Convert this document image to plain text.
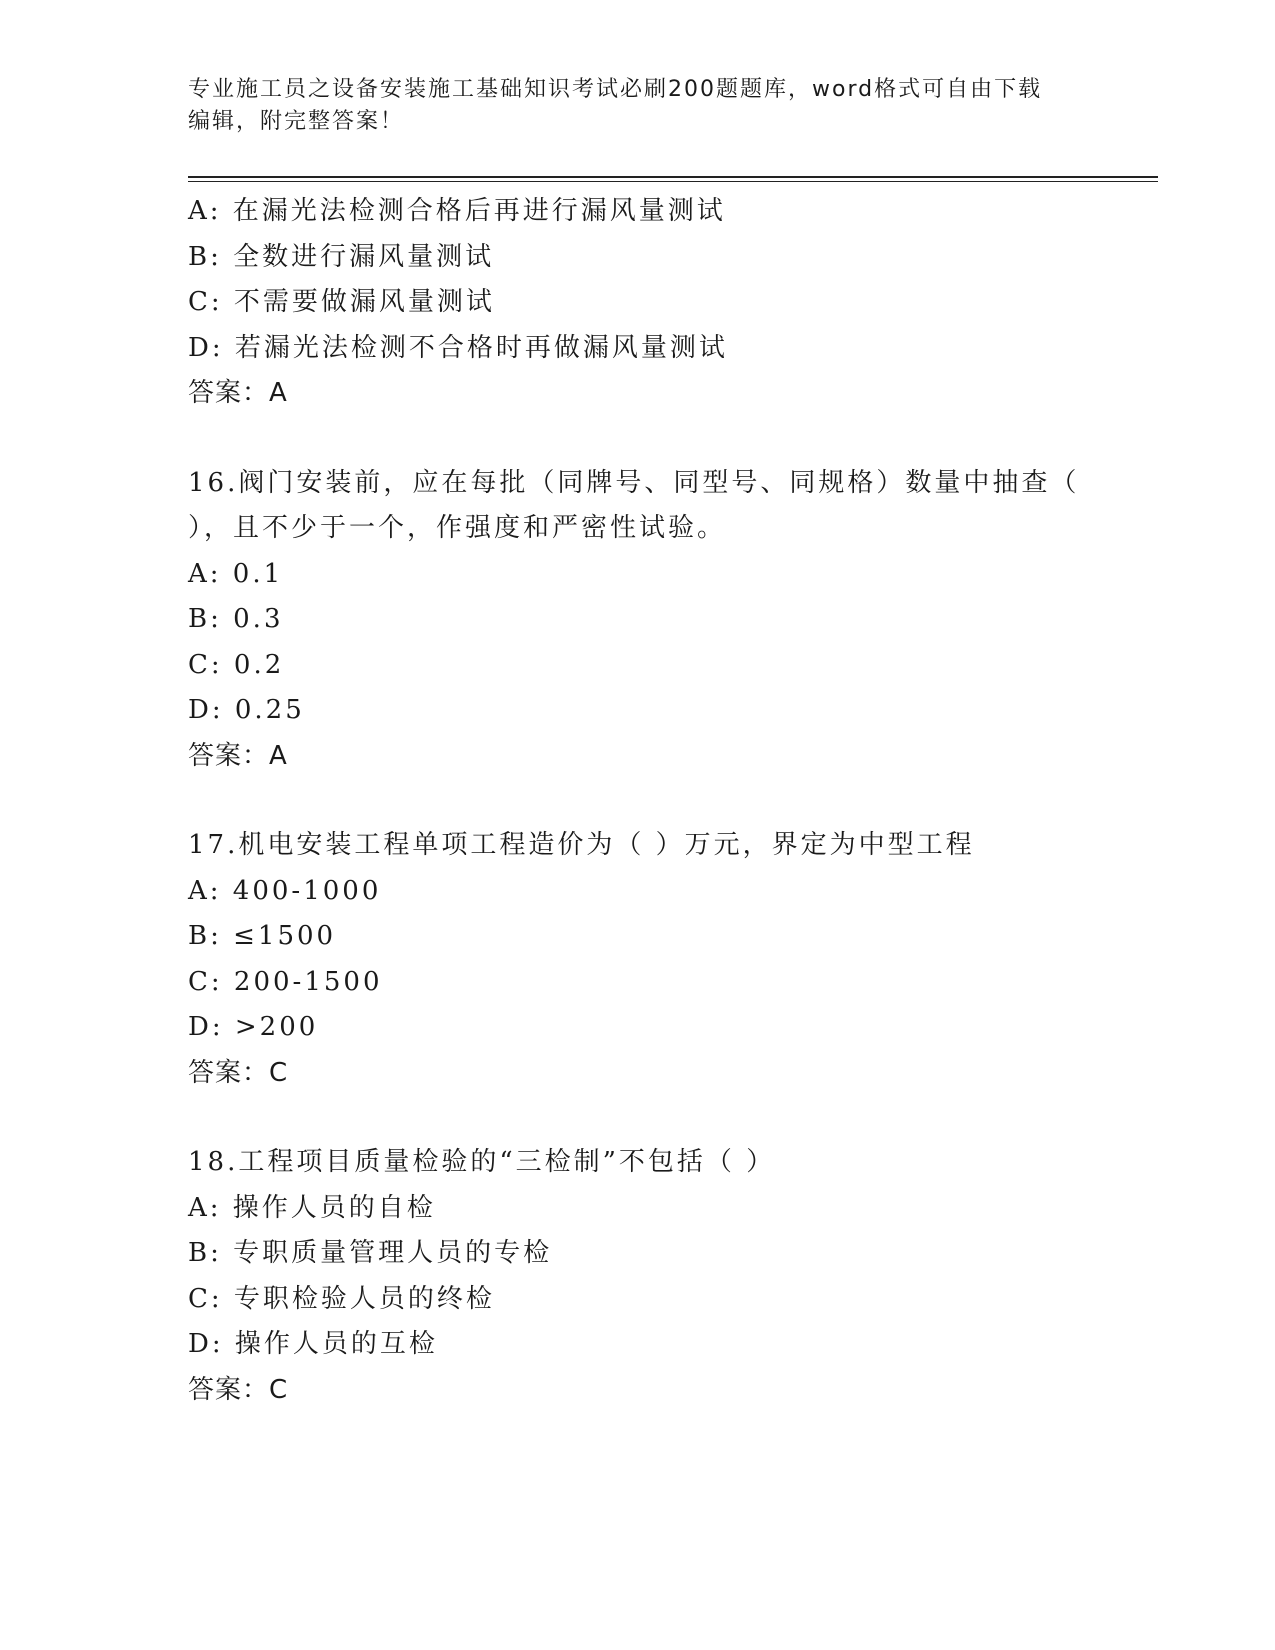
专业施工员之设备安装施工基础知识考试必刷200题题库，word格式可自由下载
编辑，附完整答案！
A: 在漏光法检测合格后再进行漏风量测试
B: 全数进行漏风量测试
C: 不需要做漏风量测试
D: 若漏光法检测不合格时再做漏风量测试
答案：A
16.阀门安装前，应在每批（同牌号、同型号、同规格）数量中抽查（
），且不少于一个，作强度和严密性试验。
A: 0.1
B: 0.3
C: 0.2
D: 0.25
答案：A
17.机电安装工程单项工程造价为（ ）万元，界定为中型工程
A: 400-1000
B: ≤1500
C: 200-1500
D: >200
答案：C
18.工程项目质量检验的“三检制”不包括（ ）
A: 操作人员的自检
B: 专职质量管理人员的专检
C: 专职检验人员的终检
D: 操作人员的互检
答案：C
